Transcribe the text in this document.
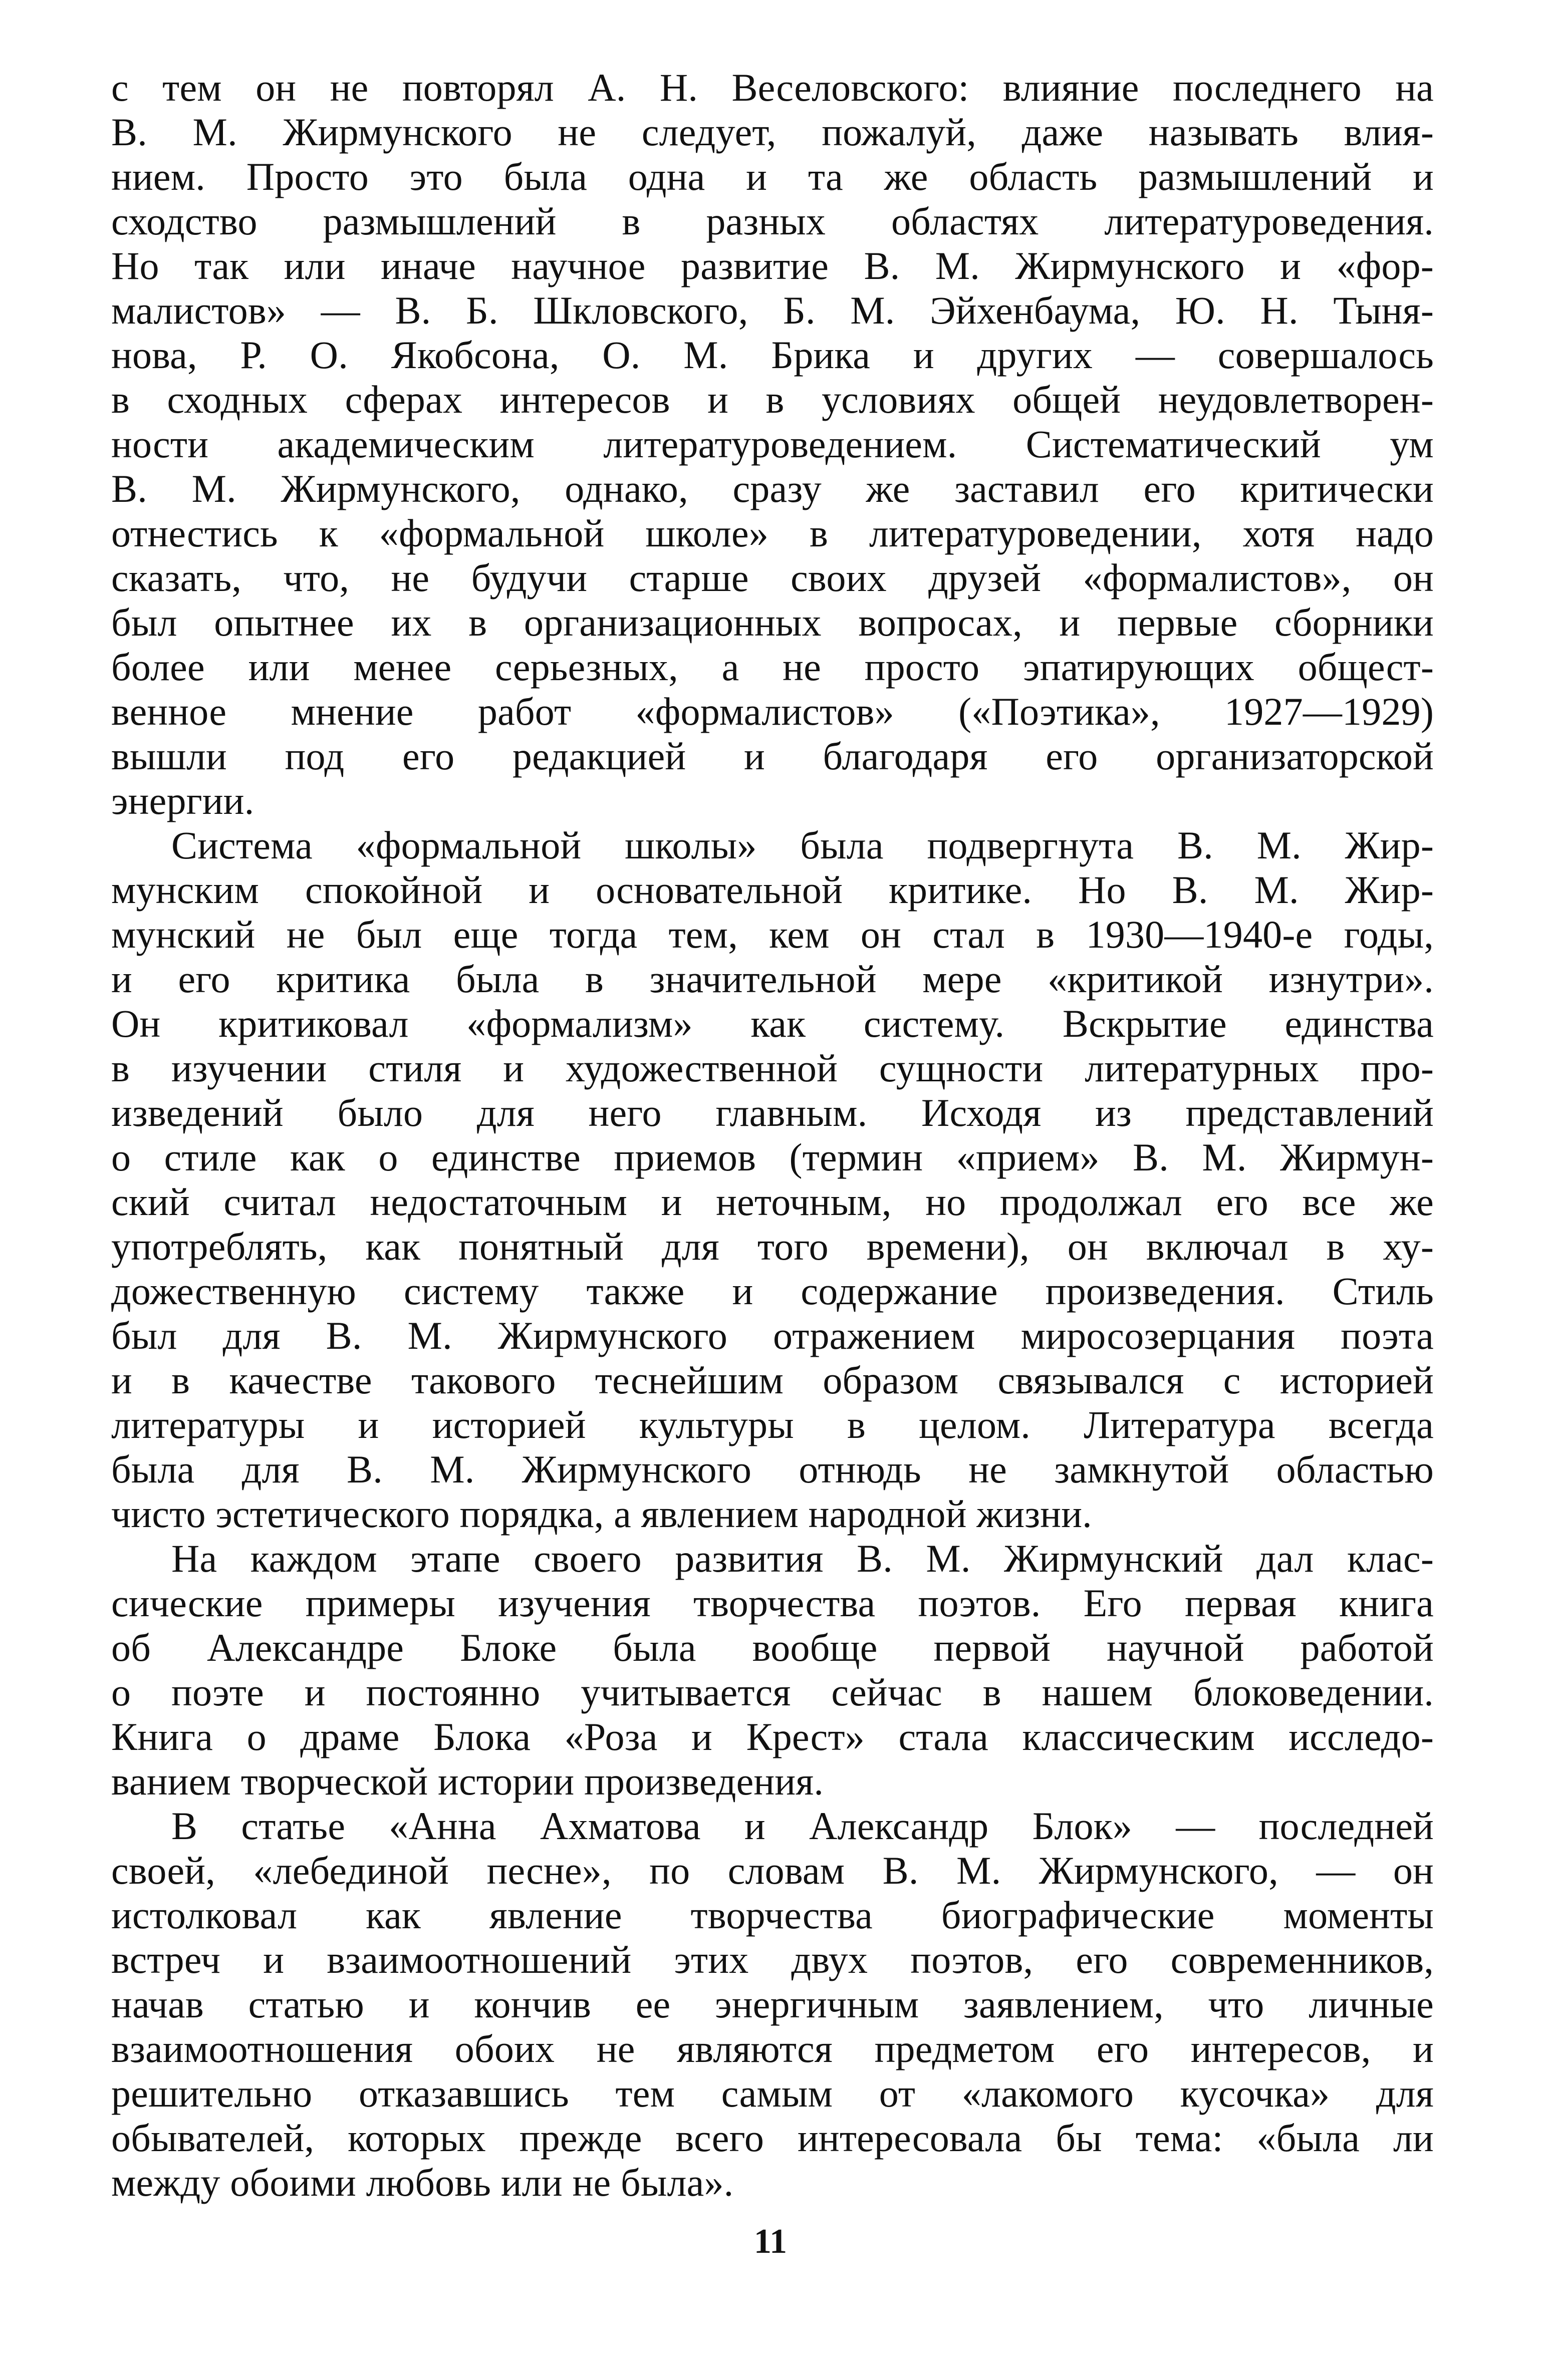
с тем он не повторял А. Н. Веселовского: влияние последнего на
В. М. Жирмунского не следует, пожалуй, даже называть влия-
нием. Просто это была одна и та же область размышлений и
сходство размышлений в разных областях литературоведения.
Но так или иначе научное развитие В. М. Жирмунского и «фор-
малистов» — В. Б. Шкловского, Б. М. Эйхенбаума, Ю. Н. Тыня-
нова, Р. О. Якобсона, О. М. Брика и других — совершалось
в сходных сферах интересов и в условиях общей неудовлетворен-
ности академическим литературоведением. Систематический ум
В. М. Жирмунского, однако, сразу же заставил его критически
отнестись к «формальной школе» в литературоведении, хотя надо
сказать, что, не будучи старше своих друзей «формалистов», он
был опытнее их в организационных вопросах, и первые сборники
более или менее серьезных, а не просто эпатирующих общест-
венное мнение работ «формалистов» («Поэтика», 1927—1929)
вышли под его редакцией и благодаря его организаторской
энергии.
Система «формальной школы» была подвергнута В. М. Жир-
мунским спокойной и основательной критике. Но В. М. Жир-
мунский не был еще тогда тем, кем он стал в 1930—1940-е годы,
и его критика была в значительной мере «критикой изнутри».
Он критиковал «формализм» как систему. Вскрытие единства
в изучении стиля и художественной сущности литературных про-
изведений было для него главным. Исходя из представлений
о стиле как о единстве приемов (термин «прием» В. М. Жирмун-
ский считал недостаточным и неточным, но продолжал его все же
употреблять, как понятный для того времени), он включал в ху-
дожественную систему также и содержание произведения. Стиль
был для В. М. Жирмунского отражением миросозерцания поэта
и в качестве такового теснейшим образом связывался с историей
литературы и историей культуры в целом. Литература всегда
была для В. М. Жирмунского отнюдь не замкнутой областью
чисто эстетического порядка, а явлением народной жизни.
На каждом этапе своего развития В. М. Жирмунский дал клас-
сические примеры изучения творчества поэтов. Его первая книга
об Александре Блоке была вообще первой научной работой
о поэте и постоянно учитывается сейчас в нашем блоковедении.
Книга о драме Блока «Роза и Крест» стала классическим исследо-
ванием творческой истории произведения.
В статье «Анна Ахматова и Александр Блок» — последней
своей, «лебединой песне», по словам В. М. Жирмунского, — он
истолковал как явление творчества биографические моменты
встреч и взаимоотношений этих двух поэтов, его современников,
начав статью и кончив ее энергичным заявлением, что личные
взаимоотношения обоих не являются предметом его интересов, и
решительно отказавшись тем самым от «лакомого кусочка» для
обывателей, которых прежде всего интересовала бы тема: «была ли
между обоими любовь или не была».
11
